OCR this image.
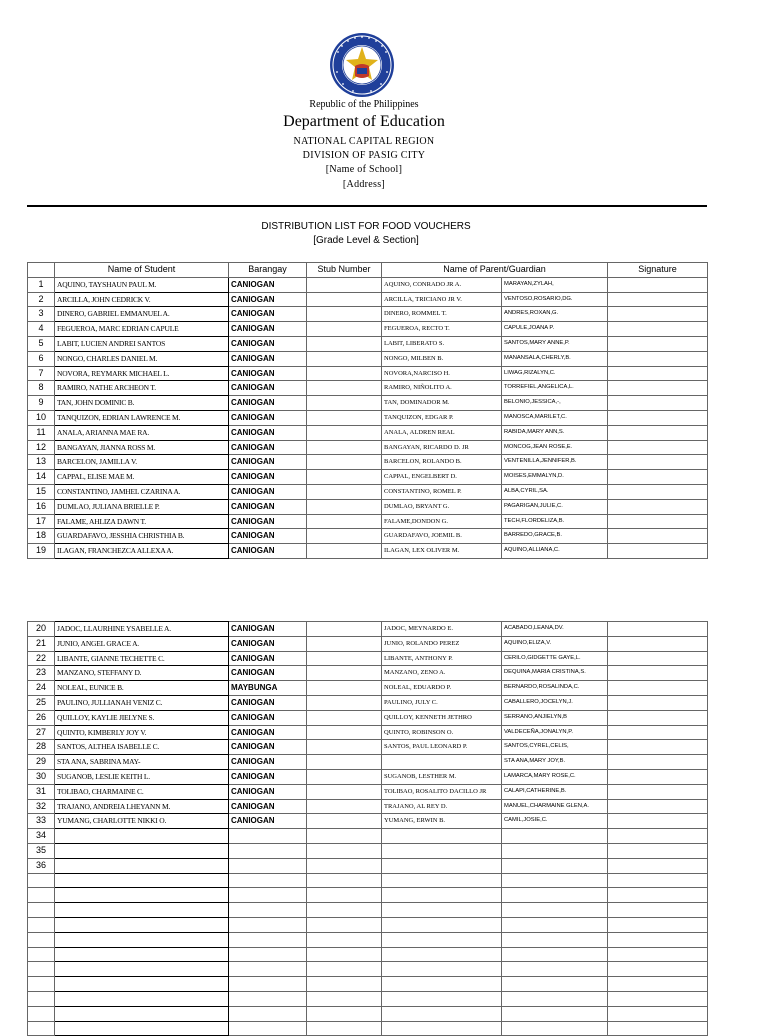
Republic of the Philippines
Department of Education
NATIONAL CAPITAL REGION
DIVISION OF PASIG CITY
[Name of School]
[Address]
DISTRIBUTION LIST FOR FOOD VOUCHERS
[Grade Level & Section]
	Name of Student	Barangay	Stub Number	Name of Parent/Guardian		Signature
1	AQUINO, TAYSHAUN PAUL M.	CANIOGAN		AQUINO, CONRADO JR A.	MARAYAN,ZYLAH,	
2	ARCILLA, JOHN CEDRICK V.	CANIOGAN		ARCILLA, TRICIANO JR V.	VENTOSO,ROSARIO,DG.	
3	DINERO, GABRIEL EMMANUEL A.	CANIOGAN		DINERO, ROMMEL T.	ANDRES,ROXAN,G.	
4	FEGUEROA, MARC EDRIAN CAPULE	CANIOGAN		FEGUEROA, RECTO T.	CAPULE,JOANA P.	
5	LABIT, LUCIEN ANDREI SANTOS	CANIOGAN		LABIT, LIBERATO S.	SANTOS,MARY ANNE,P.	
6	NONGO, CHARLES DANIEL M.	CANIOGAN		NONGO, MILBEN B.	MANANSALA,CHERLY,B.	
7	NOVORA, REYMARK MICHAEL L.	CANIOGAN		NOVORA,NARCISO H.	LIWAG,RIZALYN,C.	
8	RAMIRO, NATHE ARCHEON T.	CANIOGAN		RAMIRO, NIÑOLITO A.	TORREFIEL,ANGELICA,L.	
9	TAN, JOHN DOMINIC B.	CANIOGAN		TAN, DOMINADOR M.	BELONIO,JESSICA,-,	
10	TANQUIZON, EDRIAN LAWRENCE M.	CANIOGAN		TANQUIZON, EDGAR P.	MANOSCA,MARILET,C.	
11	ANALA, ARIANNA MAE RA.	CANIOGAN		ANALA, ALDREN REAL	RABIDA,MARY ANN,S.	
12	BANGAYAN, JIANNA ROSS M.	CANIOGAN		BANGAYAN, RICARDO D. JR	MONCOG,JEAN ROSE,E.	
13	BARCELON, JAMILLA V.	CANIOGAN		BARCELON, ROLANDO B.	VENTENILLA,JENNIFER,B.	
14	CAPPAL, ELISE MAE M.	CANIOGAN		CAPPAL, ENGELBERT D.	MOISES,EMMALYN,D.	
15	CONSTANTINO, JAMHEL CZARINA A.	CANIOGAN		CONSTANTINO, ROMEL P.	ALBA,CYRIL,SA.	
16	DUMLAO, JULIANA BRIELLE P.	CANIOGAN		DUMLAO, BRYANT G.	PAGARIGAN,JULIE,C.	
17	FALAME, AHLIZA DAWN T.	CANIOGAN		FALAME,DONDON G.	TECH,FLORDELIZA,B.	
18	GUARDAFAVO, JESSHIA CHRISTHIA B.	CANIOGAN		GUARDAFAVO, JOEMIL B.	BARREDO,GRACE,B.	
19	ILAGAN, FRANCHEZCA ALLEXA A.	CANIOGAN		ILAGAN, LEX OLIVER M.	AQUINO,ALLIANA,C.	
20	JADOC, LLAURHINE YSABELLE A.	CANIOGAN		JADOC, MEYNARDO E.	ACABADO,LEANA,DV.	
21	JUNIO, ANGEL GRACE A.	CANIOGAN		JUNIO, ROLANDO PEREZ	AQUINO,ELIZA,V.	
22	LIBANTE, GIANNE TECHETTE C.	CANIOGAN		LIBANTE, ANTHONY P.	CERILO,GIDGETTE GAYE,L.	
23	MANZANO, STEFFANY D.	CANIOGAN		MANZANO, ZENO A.	DEQUINA,MARIA CRISTINA,S.	
24	NOLEAL, EUNICE B.	MAYBUNGA		NOLEAL, EDUARDO P.	BERNARDO,ROSALINDA,C.	
25	PAULINO, JULLIANAH VENIZ C.	CANIOGAN		PAULINO, JULY C.	CABALLERO,JOCELYN,J.	
26	QUILLOY, KAYLIE JIELYNE S.	CANIOGAN		QUILLOY, KENNETH JETHRO	SERRANO,ANJIELYN,B	
27	QUINTO, KIMBERLY JOY V.	CANIOGAN		QUINTO, ROBINSON O.	VALDECEÑA,JONALYN,P.	
28	SANTOS, ALTHEA ISABELLE C.	CANIOGAN		SANTOS, PAUL LEONARD P.	SANTOS,CYREL,CELIS,	
29	STA ANA, SABRINA MAY-	CANIOGAN			STA ANA,MARY JOY,B.	
30	SUGANOB, LESLIE KEITH L.	CANIOGAN		SUGANOB, LESTHER M.	LAMARCA,MARY ROSE,C.	
31	TOLIBAO, CHARMAINE C.	CANIOGAN		TOLIBAO, ROSALITO DACILLO JR	CALAPI,CATHERINE,B.	
32	TRAJANO, ANDREIA LHEYANN M.	CANIOGAN		TRAJANO, AL REY D.	MANUEL,CHARMAINE GLEN,A.	
33	YUMANG, CHARLOTTE NIKKI O.	CANIOGAN		YUMANG, ERWIN B.	CAMIL,JOSIE,C.	
34						
35						
36						
